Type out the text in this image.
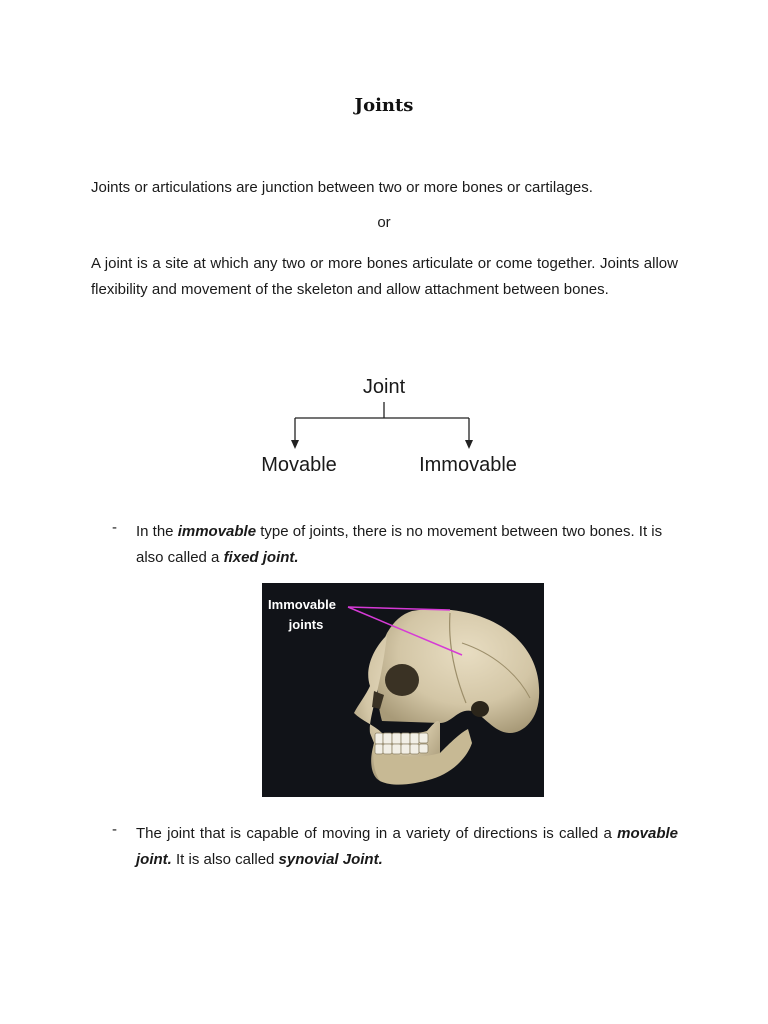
Joints
Joints or articulations are junction between two or more bones or cartilages.
or
A joint is a site at which any two or more bones articulate or come together. Joints allow flexibility and movement of the skeleton and allow attachment between bones.
Joint
Movable	Immovable
- In the immovable type of joints, there is no movement between two bones. It is also called a fixed joint.
Immovable
joints
- The joint that is capable of moving in a variety of directions is called a movable joint. It is also called synovial Joint.
